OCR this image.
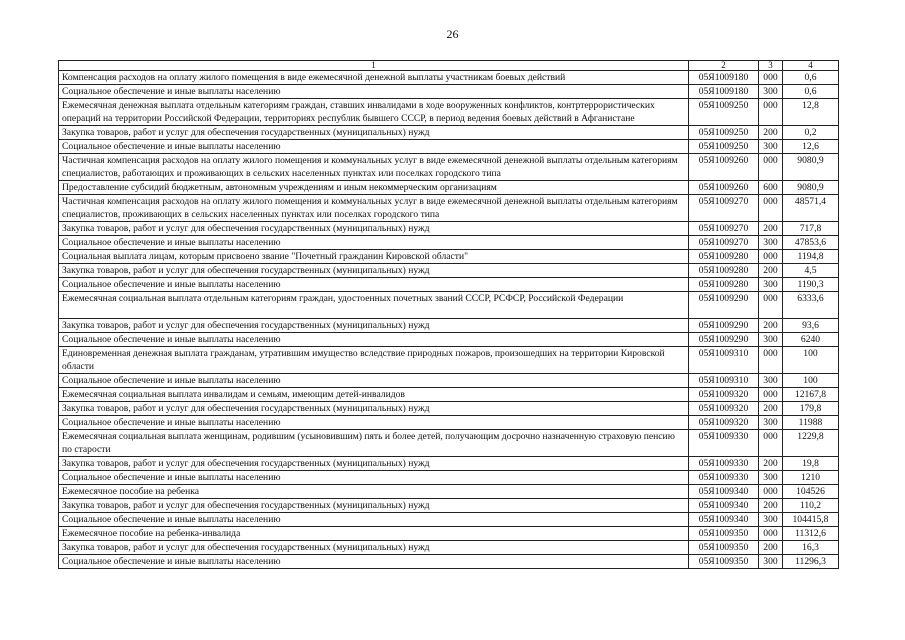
26
1	2	3	4
Компенсация расходов на оплату жилого помещения в виде ежемесячной денежной выплаты участникам боевых действий	05Я1009180	000	0,6
Социальное обеспечение и иные выплаты населению	05Я1009180	300	0,6
Ежемесячная денежная выплата отдельным категориям граждан, ставших инвалидами в ходе вооруженных конфликтов, контртеррористических операций на территории Российской Федерации, территориях республик бывшего СССР, в период ведения боевых действий в Афганистане	05Я1009250	000	12,8
Закупка товаров, работ и услуг для обеспечения государственных (муниципальных) нужд	05Я1009250	200	0,2
Социальное обеспечение и иные выплаты населению	05Я1009250	300	12,6
Частичная компенсация расходов на оплату жилого помещения и коммунальных услуг в виде ежемесячной денежной выплаты отдельным категориям специалистов, работающих и проживающих в сельских населенных пунктах или поселках городского типа	05Я1009260	000	9080,9
Предоставление субсидий бюджетным, автономным учреждениям и иным некоммерческим организациям	05Я1009260	600	9080,9
Частичная компенсация расходов на оплату жилого помещения и коммунальных услуг в виде ежемесячной денежной выплаты отдельным категориям специалистов, проживающих в сельских населенных пунктах или поселках городского типа	05Я1009270	000	48571,4
Закупка товаров, работ и услуг для обеспечения государственных (муниципальных) нужд	05Я1009270	200	717,8
Социальное обеспечение и иные выплаты населению	05Я1009270	300	47853,6
Социальная выплата лицам, которым присвоено звание "Почетный гражданин Кировской области"	05Я1009280	000	1194,8
Закупка товаров, работ и услуг для обеспечения государственных (муниципальных) нужд	05Я1009280	200	4,5
Социальное обеспечение и иные выплаты населению	05Я1009280	300	1190,3
Ежемесячная социальная выплата отдельным категориям граждан, удостоенных почетных званий СССР, РСФСР, Российской Федерации	05Я1009290	000	6333,6
Закупка товаров, работ и услуг для обеспечения государственных (муниципальных) нужд	05Я1009290	200	93,6
Социальное обеспечение и иные выплаты населению	05Я1009290	300	6240
Единовременная денежная выплата гражданам, утратившим имущество вследствие природных пожаров, произошедших на территории Кировской области	05Я1009310	000	100
Социальное обеспечение и иные выплаты населению	05Я1009310	300	100
Ежемесячная социальная выплата инвалидам и семьям, имеющим детей-инвалидов	05Я1009320	000	12167,8
Закупка товаров, работ и услуг для обеспечения государственных (муниципальных) нужд	05Я1009320	200	179,8
Социальное обеспечение и иные выплаты населению	05Я1009320	300	11988
Ежемесячная социальная выплата женщинам, родившим (усыновившим) пять и более детей, получающим досрочно назначенную страховую пенсию по старости	05Я1009330	000	1229,8
Закупка товаров, работ и услуг для обеспечения государственных (муниципальных) нужд	05Я1009330	200	19,8
Социальное обеспечение и иные выплаты населению	05Я1009330	300	1210
Ежемесячное пособие на ребенка	05Я1009340	000	104526
Закупка товаров, работ и услуг для обеспечения государственных (муниципальных) нужд	05Я1009340	200	110,2
Социальное обеспечение и иные выплаты населению	05Я1009340	300	104415,8
Ежемесячное пособие на ребенка-инвалида	05Я1009350	000	11312,6
Закупка товаров, работ и услуг для обеспечения государственных (муниципальных) нужд	05Я1009350	200	16,3
Социальное обеспечение и иные выплаты населению	05Я1009350	300	11296,3
